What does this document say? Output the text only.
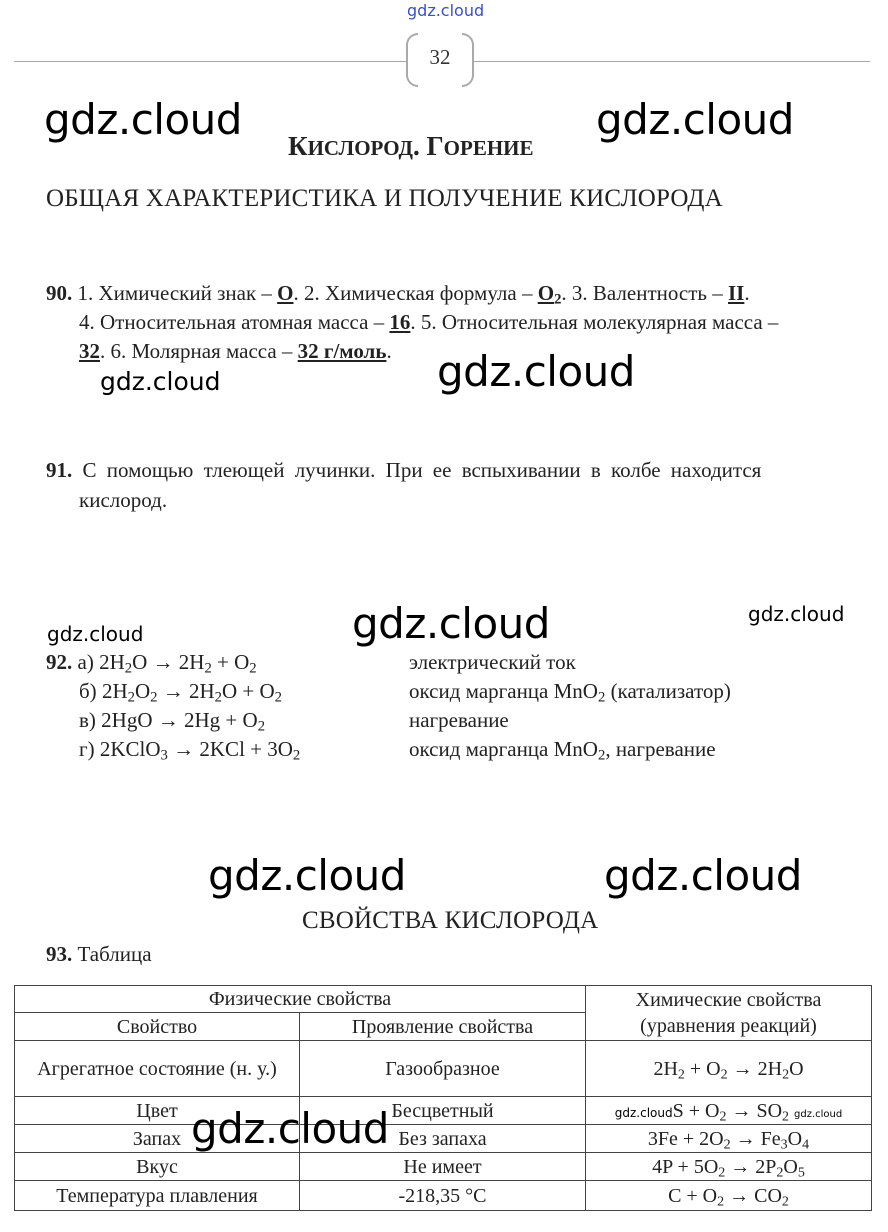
gdz.cloud
32
gdz.cloud	gdz.cloud
КИСЛОРОД. ГОРЕНИЕ
ОБЩАЯ ХАРАКТЕРИСТИКА И ПОЛУЧЕНИЕ КИСЛОРОДА
90. 1. Химический знак – O. 2. Химическая формула – $O_2$. 3. Валентность – II.
4. Относительная атомная масса – 16. 5. Относительная молекулярная масса –
32. 6. Молярная масса – 32 г/моль.
gdz.cloud	gdz.cloud
91. С помощью тлеющей лучинки. При ее вспыхивании в колбе находится
кислород.
gdz.cloud	gdz.cloud
gdz.cloud
92. а) $2H_2O \to 2H_2 + O_2$	электрический ток
б) $2H_2O_2 \to 2H_2O + O_2$	оксид марганца MnO$_2$ (катализатор)
в) $2HgO \to 2Hg + O_2$	нагревание
г) 2KClO$_3$ → $2KCl + 3O_2$	оксид марганца MnO$_2$, нагревание
gdz.cloud	gdz.cloud
СВОЙСТВА КИСЛОРОДА
93. Таблица
Физические свойства		Химические свойства
(уравнения реакций)
Свойство	Проявление свойства	
Агрегатное состояние (н. у.)	Газообразное	$2H_2 + O_2 \to 2H_2O$
Цвет	Бесцветный	gdz.cloudS + $O_2 \to SO_2$ gdz.cloud
Запах	Без запаха	$3Fe + 2O_2 \to Fe_3O_4$
Вкус	Не имеет	$4P + 5O_2 \to 2P_2O_5$
Температура плавления	-218,35 °C	$C + O_2 \to CO_2$
gdz.cloud
